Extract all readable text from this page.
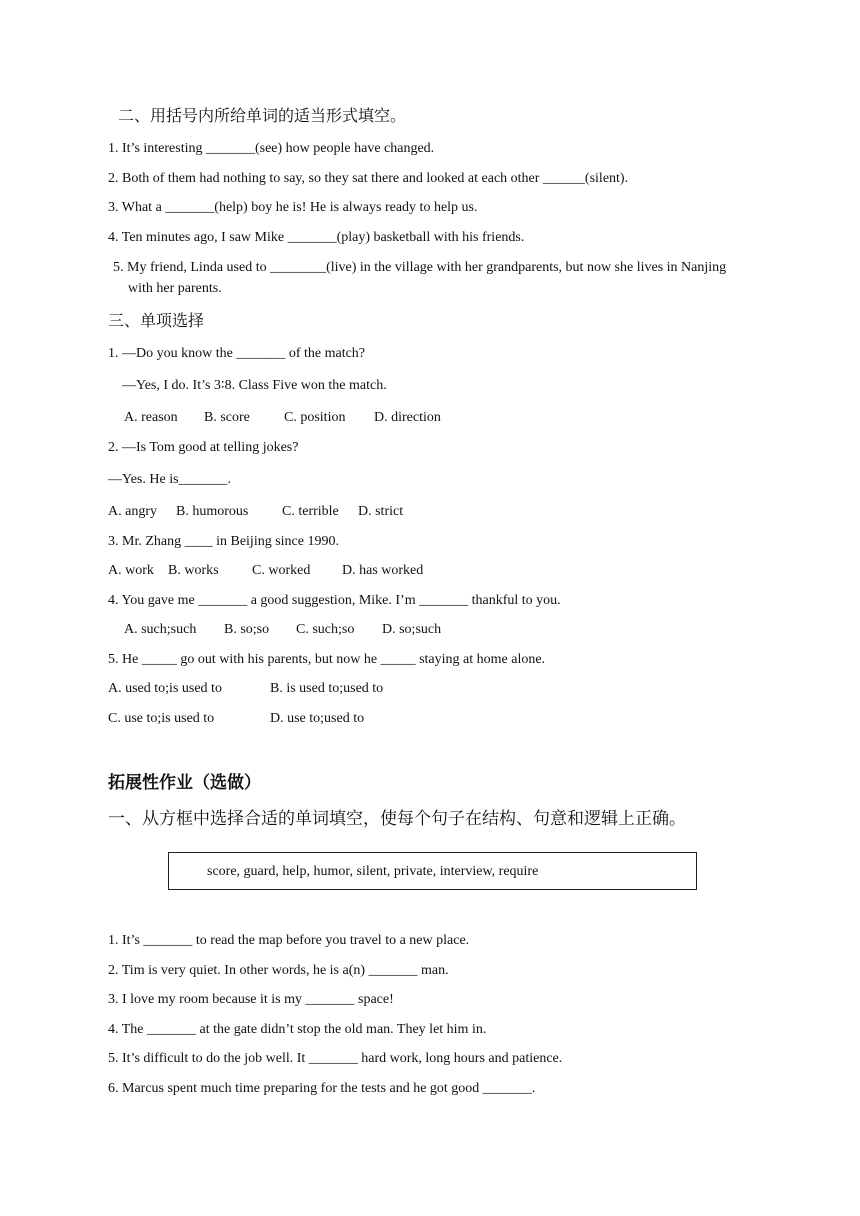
二、用括号内所给单词的适当形式填空。
1. It’s interesting _______(see) how people have changed.
2. Both of them had nothing to say, so they sat there and looked at each other ______(silent).
3. What a _______(help) boy he is! He is always ready to help us.
4. Ten minutes ago, I saw Mike _______(play) basketball with his friends.
5. My friend, Linda used to ________(live) in the village with her grandparents, but now she lives in Nanjing
with her parents.
三、单项选择
1. —Do you know the _______ of the match?
—Yes, I do. It’s 3∶8. Class Five won the match.
A. reason B. score C. position D. direction
2. —Is Tom good at telling jokes?
—Yes. He is_______.
A. angry B. humorous C. terrible D. strict
3. Mr. Zhang ____ in Beijing since 1990.
A. work B. works C. worked D. has worked
4. You gave me _______ a good suggestion, Mike. I’m _______ thankful to you.
A. such;such B. so;so C. such;so D. so;such
5. He _____ go out with his parents, but now he _____ staying at home alone.
A. used to;is used to	B. is used to;used to
C. use to;is used to	D. use to;used to
拓展性作业（选做）
一、从方框中选择合适的单词填空，使每个句子在结构、句意和逻辑上正确。
score, guard, help, humor, silent, private, interview, require
1. It’s _______ to read the map before you travel to a new place.
2. Tim is very quiet. In other words, he is a(n) _______ man.
3. I love my room because it is my _______ space!
4. The _______ at the gate didn’t stop the old man. They let him in.
5. It’s difficult to do the job well. It _______ hard work, long hours and patience.
6. Marcus spent much time preparing for the tests and he got good _______.
